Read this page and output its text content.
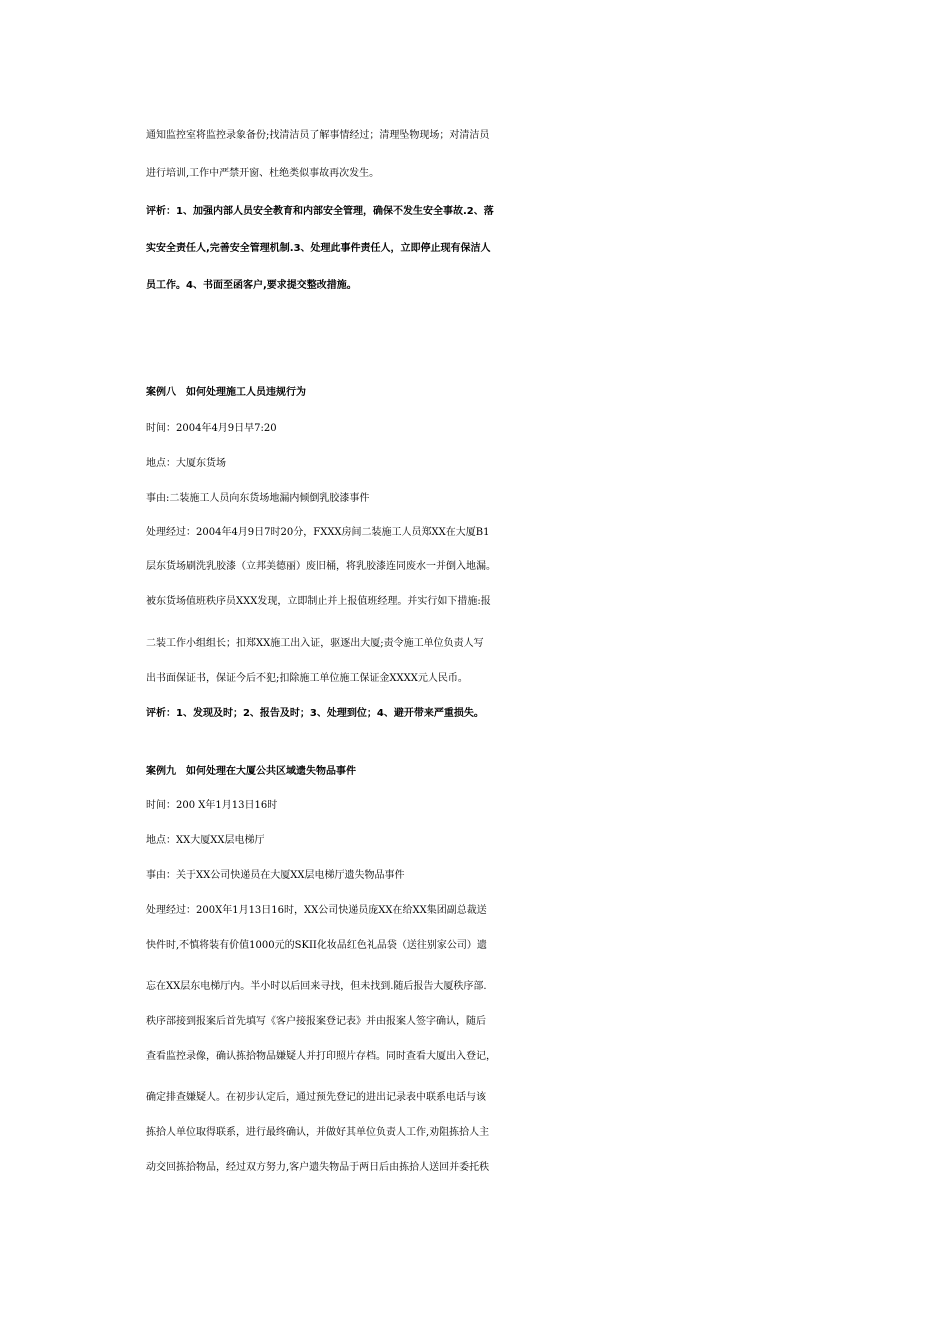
通知监控室将监控录象备份;找清洁员了解事情经过；清理坠物现场；对清洁员
进行培训,工作中严禁开窗、杜绝类似事故再次发生。
评析：1、加强内部人员安全教育和内部安全管理，确保不发生安全事故.2、落
实安全责任人,完善安全管理机制.3、处理此事件责任人，立即停止现有保洁人
员工作。4、书面至函客户,要求提交整改措施。
案例八　如何处理施工人员违规行为
时间：2004年4月9日早7:20
地点：大厦东货场
事由:二装施工人员向东货场地漏内倾倒乳胶漆事件
处理经过：2004年4月9日7时20分，FXXX房间二装施工人员郑XX在大厦B1
层东货场刷洗乳胶漆（立邦美德丽）废旧桶，将乳胶漆连同废水一并倒入地漏。
被东货场值班秩序员XXX发现，立即制止并上报值班经理。并实行如下措施:报
二装工作小组组长；扣郑XX施工出入证，驱逐出大厦;责令施工单位负责人写
出书面保证书，保证今后不犯;扣除施工单位施工保证金XXXX元人民币。
评析：1、发现及时；2、报告及时；3、处理到位；4、避开带来严重损失。
案例九　如何处理在大厦公共区域遗失物品事件
时间：200 X年1月13日16时
地点：XX大厦XX层电梯厅
事由：关于XX公司快递员在大厦XX层电梯厅遗失物品事件
处理经过：200X年1月13日16时，XX公司快递员庞XX在给XX集团副总裁送
快件时,不慎将装有价值1000元的SKII化妆品红色礼品袋（送往别家公司）遗
忘在XX层东电梯厅内。半小时以后回来寻找，但未找到.随后报告大厦秩序部.
秩序部接到报案后首先填写《客户接报案登记表》并由报案人签字确认，随后
查看监控录像，确认拣拾物品嫌疑人并打印照片存档。同时查看大厦出入登记，
确定排查嫌疑人。在初步认定后，通过预先登记的进出记录表中联系电话与该
拣拾人单位取得联系，进行最终确认，并做好其单位负责人工作,劝阻拣拾人主
动交回拣拾物品，经过双方努力,客户遗失物品于两日后由拣拾人送回并委托秩
